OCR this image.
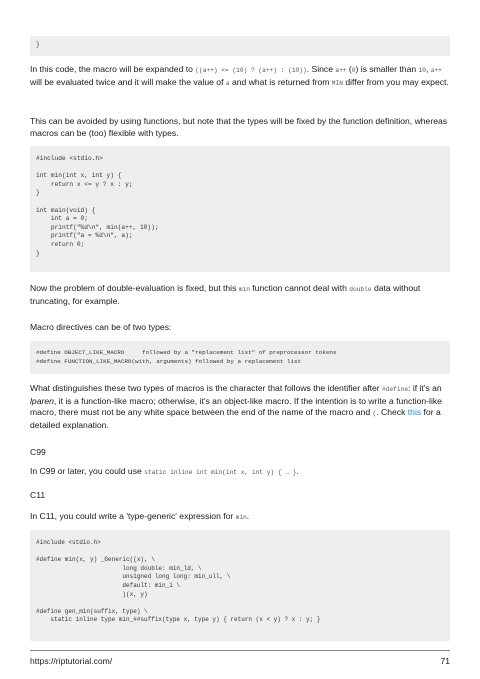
}

In this code, the macro will be expanded to ((a++) <= (10) ? (a++) : (10)). Since a++ (0) is smaller than 10, a++ will be evaluated twice and it will make the value of a and what is returned from MIN differ from you may expect.

This can be avoided by using functions, but note that the types will be fixed by the function definition, whereas macros can be (too) flexible with types.

#include <stdio.h>

int min(int x, int y) {
return x <= y ? x : y;
}

int main(void) {
int a = 0;
printf("%d\n", min(a++, 10));
printf("a = %d\n", a);
return 0;
}

Now the problem of double-evaluation is fixed, but this min function cannot deal with double data without truncating, for example.

Macro directives can be of two types:

#define OBJECT_LIKE_MACRO     followed by a "replacement list" of preprocessor tokens
#define FUNCTION_LIKE_MACRO(with, arguments) followed by a replacement list

What distinguishes these two types of macros is the character that follows the identifier after #define: if it's an lparen, it is a function-like macro; otherwise, it's an object-like macro. If the intention is to write a function-like macro, there must not be any white space between the end of the name of the macro and (. Check this for a detailed explanation.

C99

In C99 or later, you could use static inline int min(int x, int y) { … }.

C11

In C11, you could write a 'type-generic' expression for min.

#include <stdio.h>

#define min(x, y) _Generic((x), \
long double: min_ld, \
unsigned long long: min_ull, \
default: min_i \
)(x, y)

#define gen_min(suffix, type) \
static inline type min_##suffix(type x, type y) { return (x < y) ? x : y; }
https://riptutorial.com/	71
